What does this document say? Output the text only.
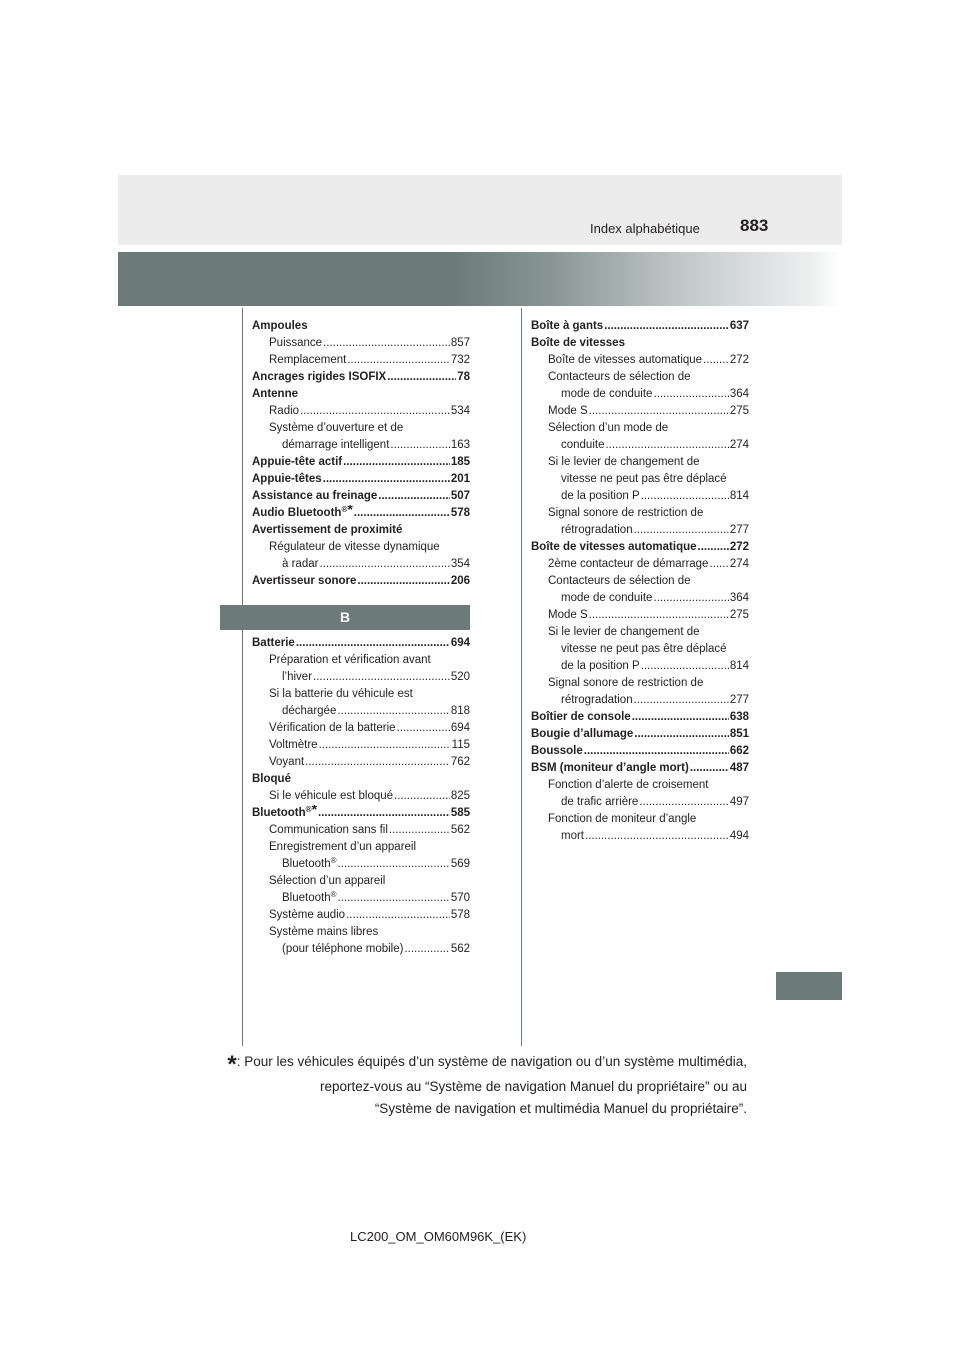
Index alphabétique 883
Ampoules
Puissance .....	857
Remplacement .....	732
Ancrages rigides ISOFIX .....	78
Antenne
Radio .....	534
Système d’ouverture et de
démarrage intelligent .....	163
Appuie-tête actif .....	185
Appuie-têtes .....	201
Assistance au freinage .....	507
Audio Bluetooth®* .....	578
Avertissement de proximité
Régulateur de vitesse dynamique
à radar .....	354
Avertisseur sonore .....	206
B
Batterie .....	694
Préparation et vérification avant
l’hiver .....	520
Si la batterie du véhicule est
déchargée .....	818
Vérification de la batterie .....	694
Voltmètre .....	115
Voyant .....	762
Bloqué
Si le véhicule est bloqué .....	825
Bluetooth®* .....	585
Communication sans fil .....	562
Enregistrement d’un appareil
Bluetooth® .....	569
Sélection d’un appareil
Bluetooth® .....	570
Système audio .....	578
Système mains libres
(pour téléphone mobile) .....	562
Boîte à gants .....	637
Boîte de vitesses
Boîte de vitesses automatique ..... 272
Contacteurs de sélection de
mode de conduite .....	364
Mode S .....	275
Sélection d’un mode de
conduite .....	274
Si le levier de changement de
vitesse ne peut pas être déplacé
de la position P .....	814
Signal sonore de restriction de
rétrogradation .....	277
Boîte de vitesses automatique .....	272
2ème contacteur de démarrage ..... 274
Contacteurs de sélection de
mode de conduite .....	364
Mode S .....	275
Si le levier de changement de
vitesse ne peut pas être déplacé
de la position P .....	814
Signal sonore de restriction de
rétrogradation .....	277
Boîtier de console .....	638
Bougie d’allumage .....	851
Boussole .....	662
BSM (moniteur d’angle mort) .....	487
Fonction d’alerte de croisement
de trafic arrière .....	497
Fonction de moniteur d’angle
mort .....	494
*: Pour les véhicules équipés d’un système de navigation ou d’un système multimédia,
reportez-vous au “Système de navigation Manuel du propriétaire” ou au
“Système de navigation et multimédia Manuel du propriétaire”.
LC200_OM_OM60M96K_(EK)
